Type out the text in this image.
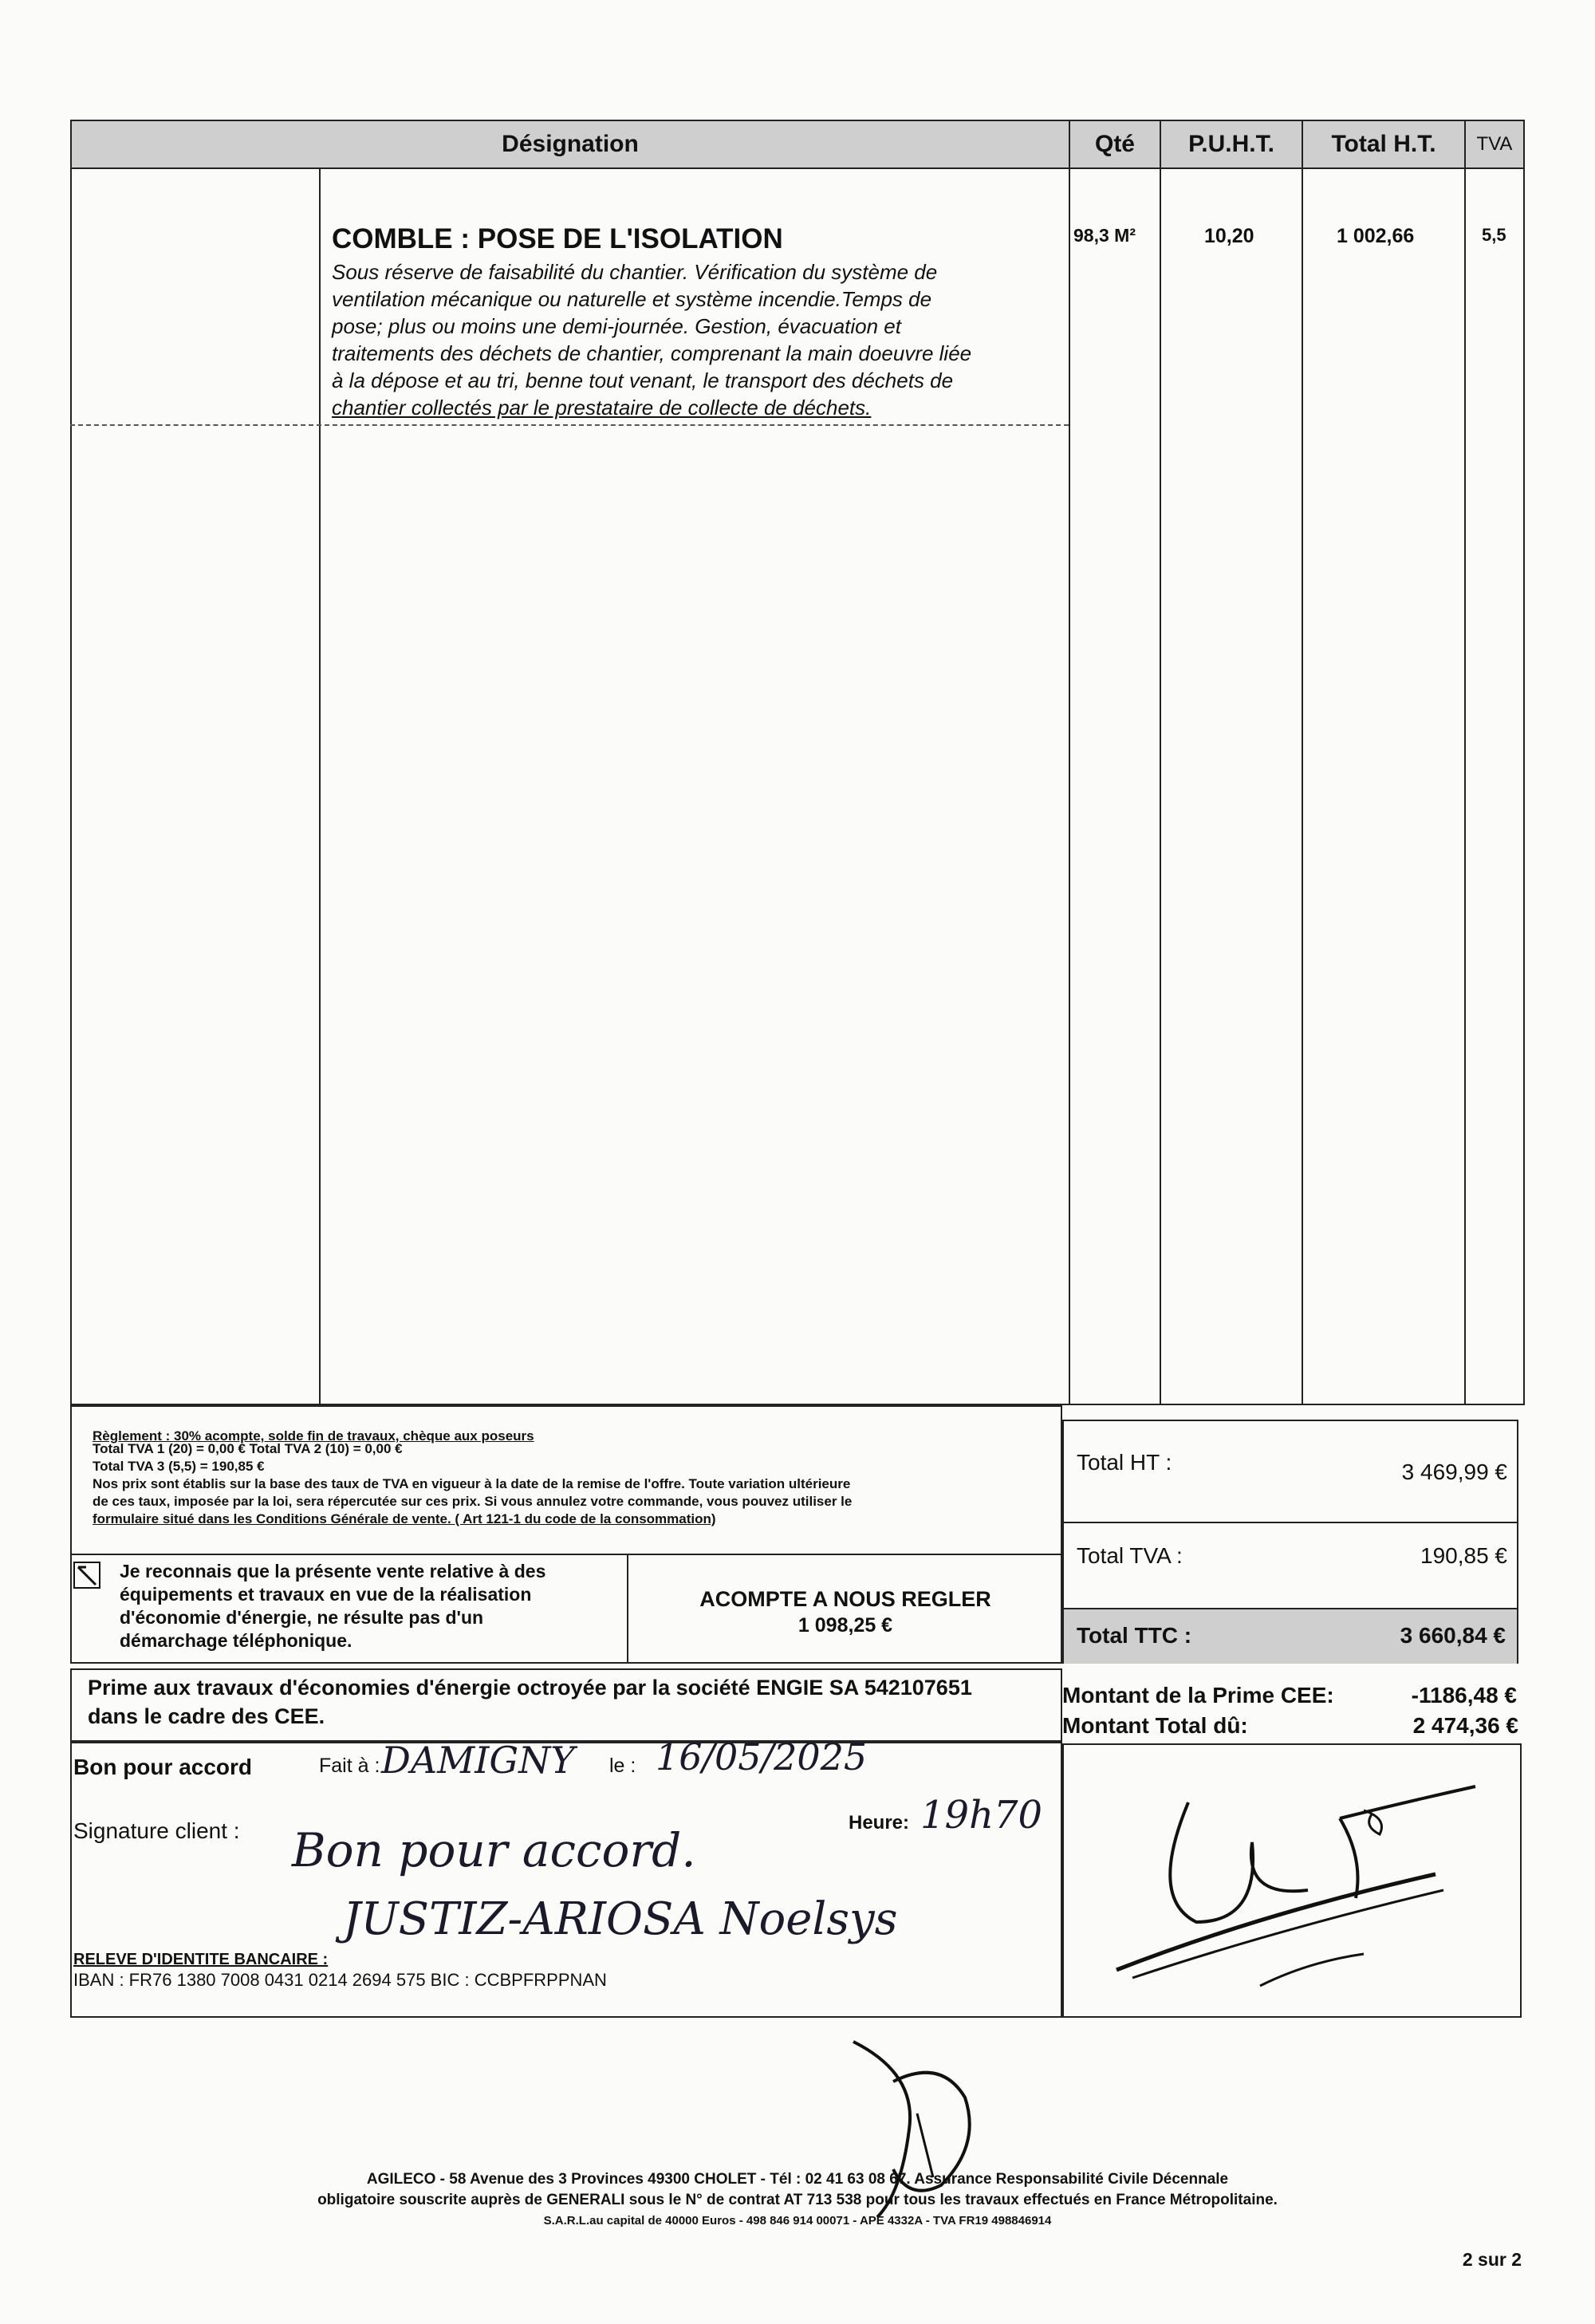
Désignation	Qté	P.U.H.T.	Total H.T.	TVA
COMBLE : POSE DE L'ISOLATION
Sous réserve de faisabilité du chantier. Vérification du système de
ventilation mécanique ou naturelle et système incendie.Temps de
pose; plus ou moins une demi-journée. Gestion, évacuation et
traitements des déchets de chantier, comprenant la main doeuvre liée
à la dépose et au tri, benne tout venant, le transport des déchets de
chantier collectés par le prestataire de collecte de déchets.
98,3 M²	10,20	1 002,66	5,5
Règlement : 30% acompte, solde fin de travaux, chèque aux poseurs
Total TVA 1 (20) = 0,00 € Total TVA 2 (10) = 0,00 €
Total TVA 3 (5,5) = 190,85 €
Nos prix sont établis sur la base des taux de TVA en vigueur à la date de la remise de l'offre. Toute variation ultérieure
de ces taux, imposée par la loi, sera répercutée sur ces prix. Si vous annulez votre commande, vous pouvez utiliser le
formulaire situé dans les Conditions Générale de vente. ( Art 121-1 du code de la consommation)
Je reconnais que la présente vente relative à des
équipements et travaux en vue de la réalisation
d'économie d'énergie, ne résulte pas d'un
démarchage téléphonique.
ACOMPTE A NOUS REGLER
1 098,25 €
Total HT :	3 469,99 €
Total TVA :	190,85 €
Total TTC :	3 660,84 €
Prime aux travaux d'économies d'énergie octroyée par la société ENGIE SA 542107651
dans le cadre des CEE.
Montant de la Prime CEE:	-1186,48 €
Montant Total dû:	2 474,36 €
Bon pour accord	Fait à : DAMIGNY le : 16/05/2025
Signature client :	Heure: 19h70
Bon pour accord.
JUSTIZ-ARIOSA Noelsys
RELEVE D'IDENTITE BANCAIRE :
IBAN : FR76 1380 7008 0431 0214 2694 575 BIC : CCBPFRPPNAN
AGILECO - 58 Avenue des 3 Provinces 49300 CHOLET - Tél : 02 41 63 08 67. Assurance Responsabilité Civile Décennale
obligatoire souscrite auprès de GENERALI sous le N° de contrat AT 713 538 pour tous les travaux effectués en France Métropolitaine.
S.A.R.L.au capital de 40000 Euros - 498 846 914 00071 - APE 4332A - TVA FR19 498846914
2 sur 2
